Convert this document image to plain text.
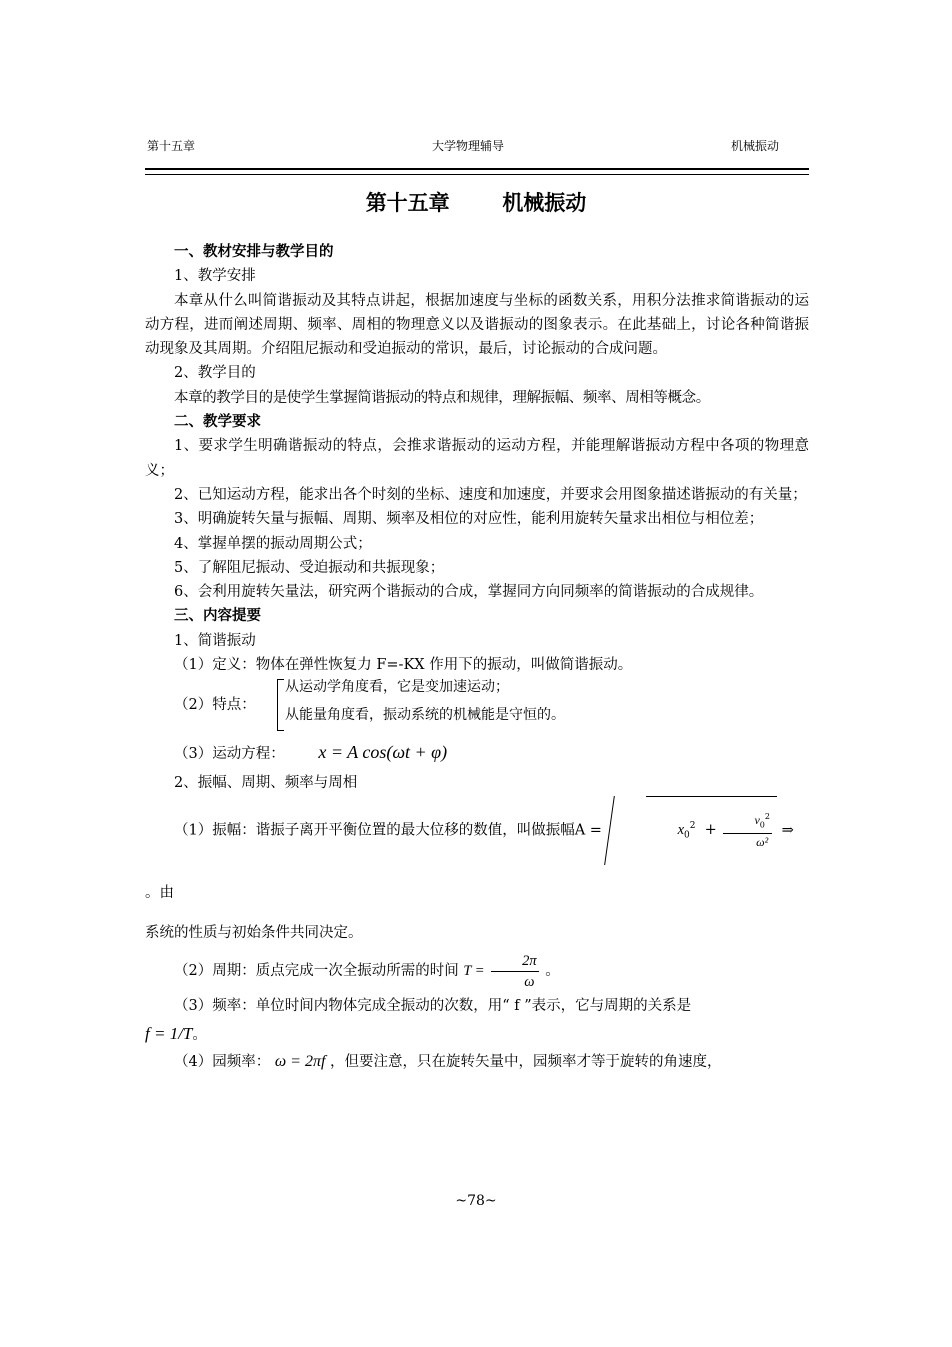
第十五章	大学物理辅导	机械振动
第十五章	机械振动

一、教材安排与教学目的

1、教学安排

本章从什么叫简谐振动及其特点讲起，根据加速度与坐标的函数关系，用积分法推求简谐振动的运动方程，进而阐述周期、频率、周相的物理意义以及谐振动的图象表示。在此基础上，讨论各种简谐振动现象及其周期。介绍阻尼振动和受迫振动的常识，最后，讨论振动的合成问题。

2、教学目的

本章的教学目的是使学生掌握简谐振动的特点和规律，理解振幅、频率、周相等概念。

二、教学要求

1、要求学生明确谐振动的特点，会推求谐振动的运动方程，并能理解谐振动方程中各项的物理意义；

2、已知运动方程，能求出各个时刻的坐标、速度和加速度，并要求会用图象描述谐振动的有关量；

3、明确旋转矢量与振幅、周期、频率及相位的对应性，能利用旋转矢量求出相位与相位差；

4、掌握单摆的振动周期公式；

5、了解阻尼振动、受迫振动和共振现象；

6、会利用旋转矢量法，研究两个谐振动的合成，掌握同方向同频率的简谐振动的合成规律。

三、内容提要

1、简谐振动

（1）定义：物体在弹性恢复力 F=-KX 作用下的振动，叫做简谐振动。

（2）特点：
从运动学角度看，它是变加速运动；
从能量角度看，振动系统的机械能是守恒的。

（3）运动方程： x = A cos(ωt + φ)

2、振幅、周期、频率与周相

（1）振幅：谐振子离开平衡位置的最大位移的数值，叫做振幅A =	$x_0^2 + \frac{v_0^2}{\text{ω²}}$ ⇒ 。由

系统的性质与初始条件共同决定。

（2）周期：质点完成一次全振动所需的时间 $T = \frac{2\pi}{\omega}$ 。

（3）频率：单位时间内物体完成全振动的次数，用“ f ”表示，它与周期的关系是

f = 1/T。

（4）园频率： ω = 2πf ，但要注意，只在旋转矢量中，园频率才等于旋转的角速度，

~78~
